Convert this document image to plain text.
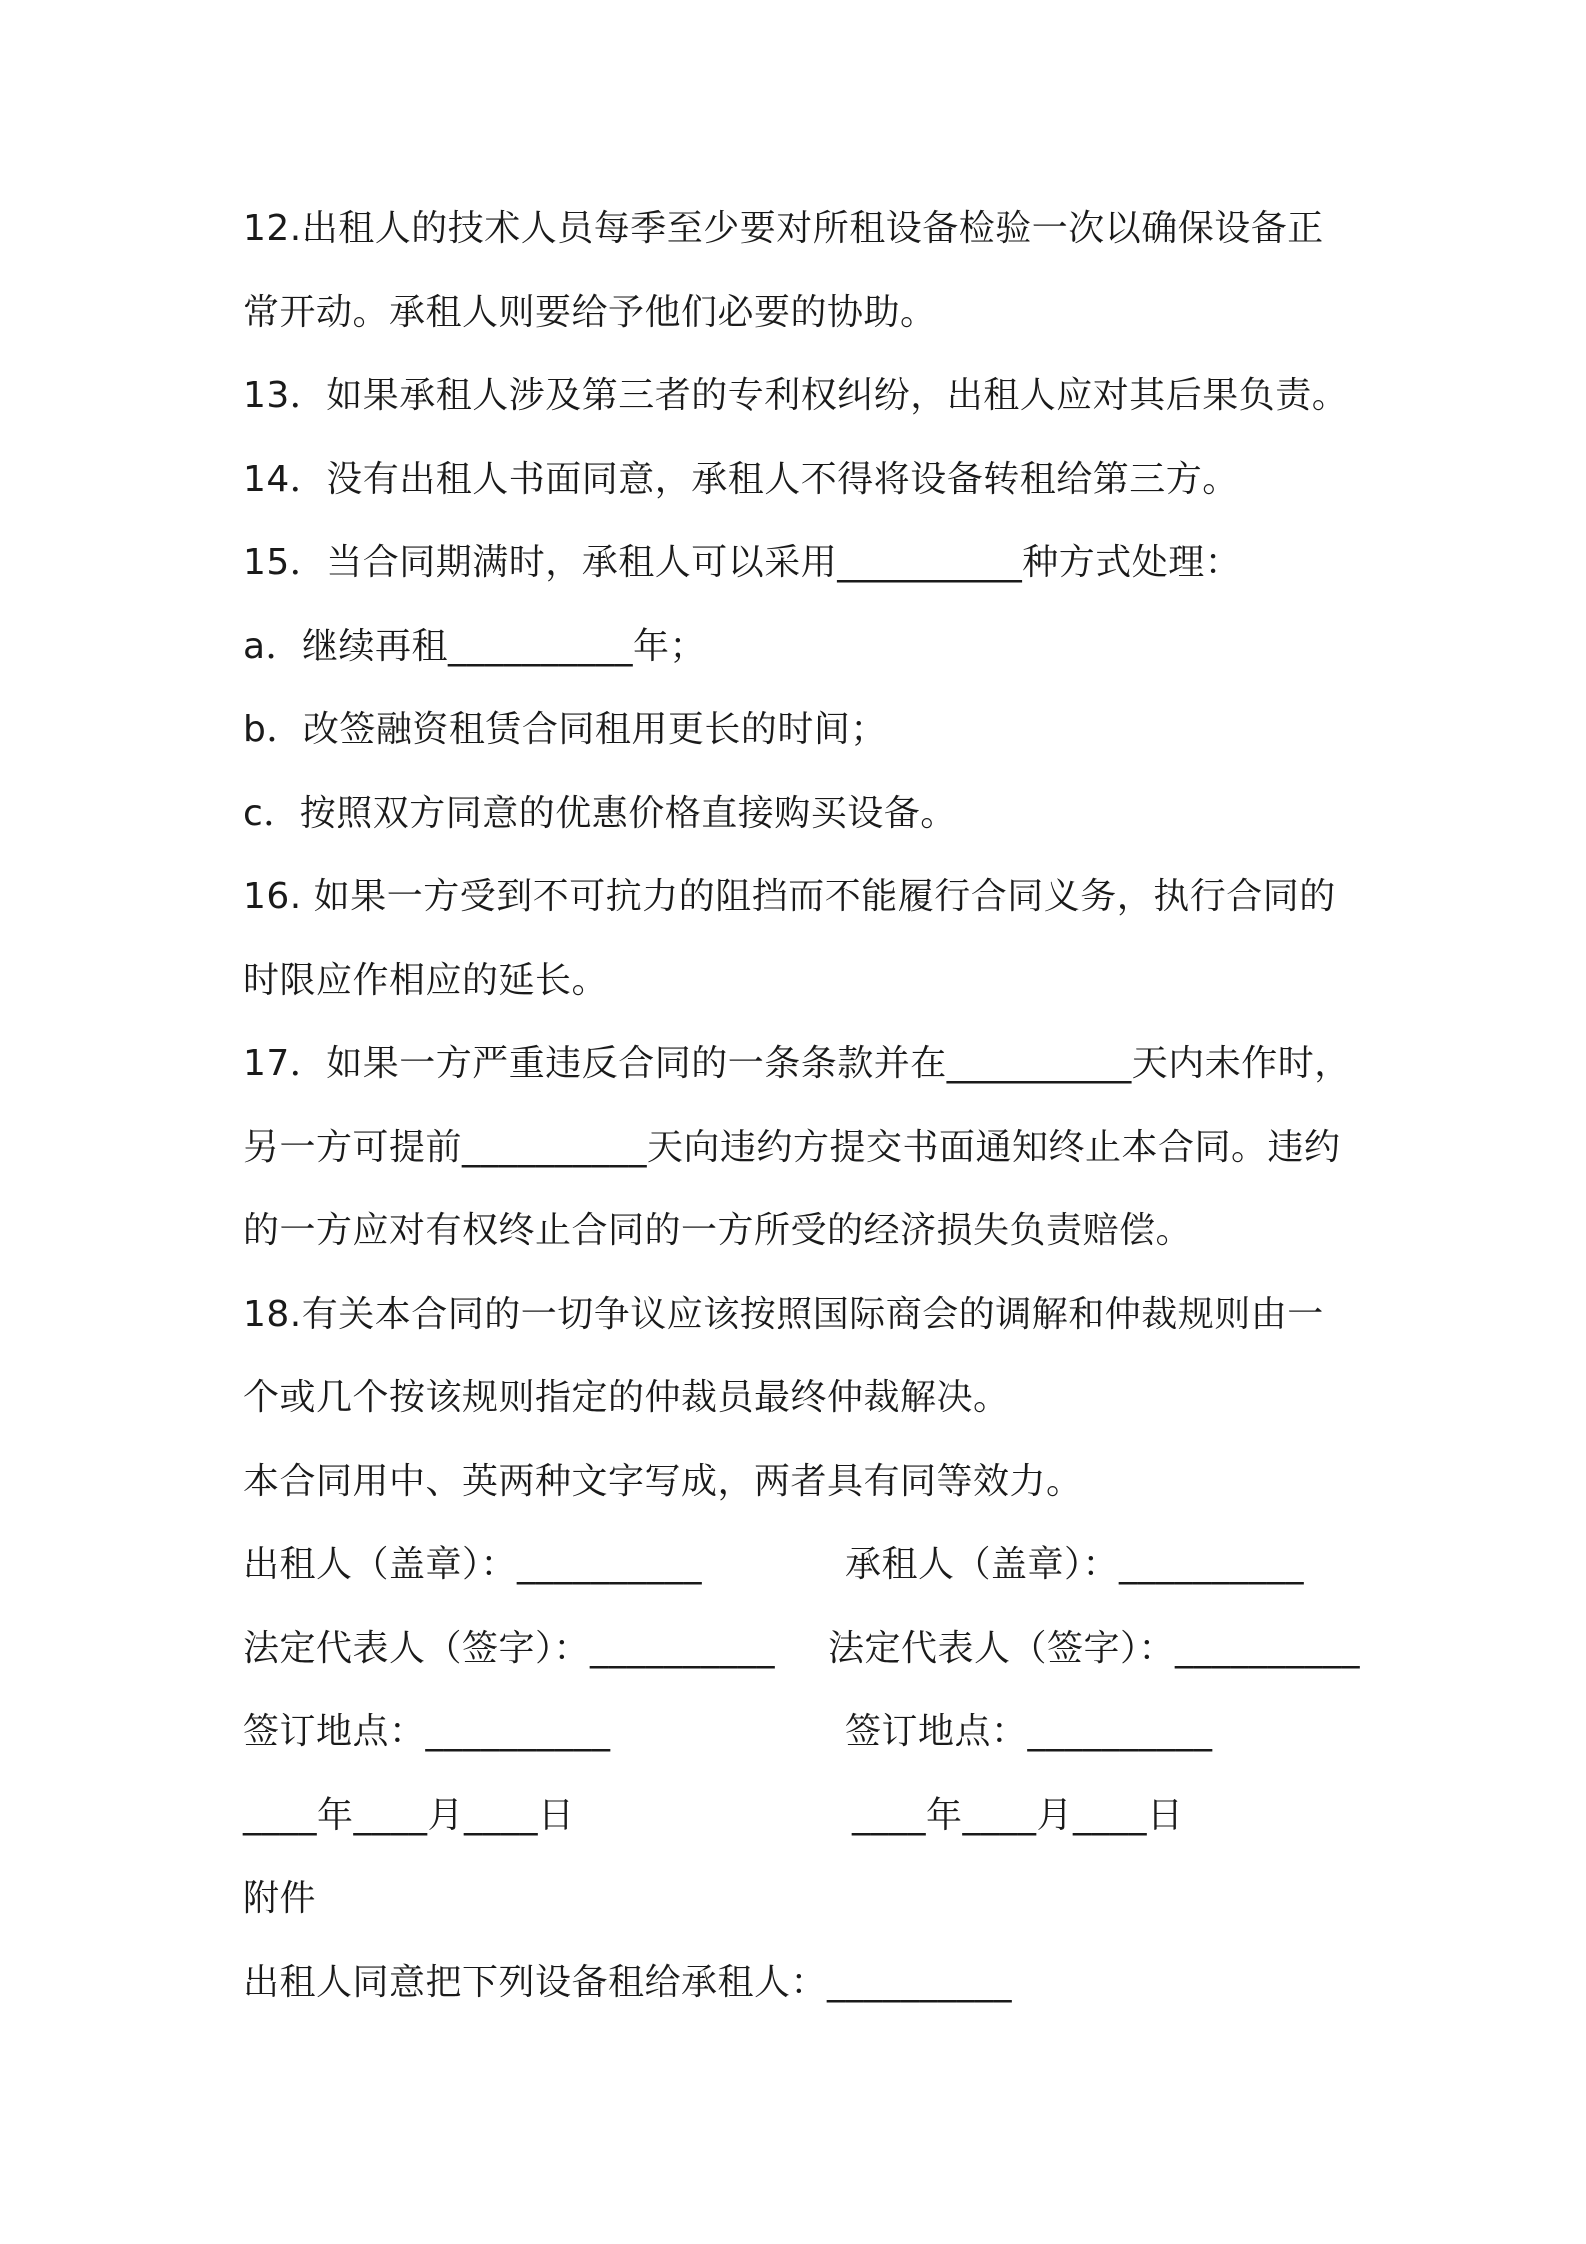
12.出租人的技术人员每季至少要对所租设备检验一次以确保设备正
常开动。承租人则要给予他们必要的协助。
13．如果承租人涉及第三者的专利权纠纷，出租人应对其后果负责。
14．没有出租人书面同意，承租人不得将设备转租给第三方。
15．当合同期满时，承租人可以采用__________种方式处理：
a．继续再租__________年；
b．改签融资租赁合同租用更长的时间；
c．按照双方同意的优惠价格直接购买设备。
16. 如果一方受到不可抗力的阻挡而不能履行合同义务，执行合同的
时限应作相应的延长。
17．如果一方严重违反合同的一条条款并在__________天内未作时，
另一方可提前__________天向违约方提交书面通知终止本合同。违约
的一方应对有权终止合同的一方所受的经济损失负责赔偿。
18.有关本合同的一切争议应该按照国际商会的调解和仲裁规则由一
个或几个按该规则指定的仲裁员最终仲裁解决。
本合同用中、英两种文字写成，两者具有同等效力。
出租人（盖章）：__________	承租人（盖章）：__________
法定代表人（签字）：__________ 法定代表人（签字）：__________
签订地点：__________	签订地点：__________
____年____月____日	____年____月____日
附件
出租人同意把下列设备租给承租人：__________
